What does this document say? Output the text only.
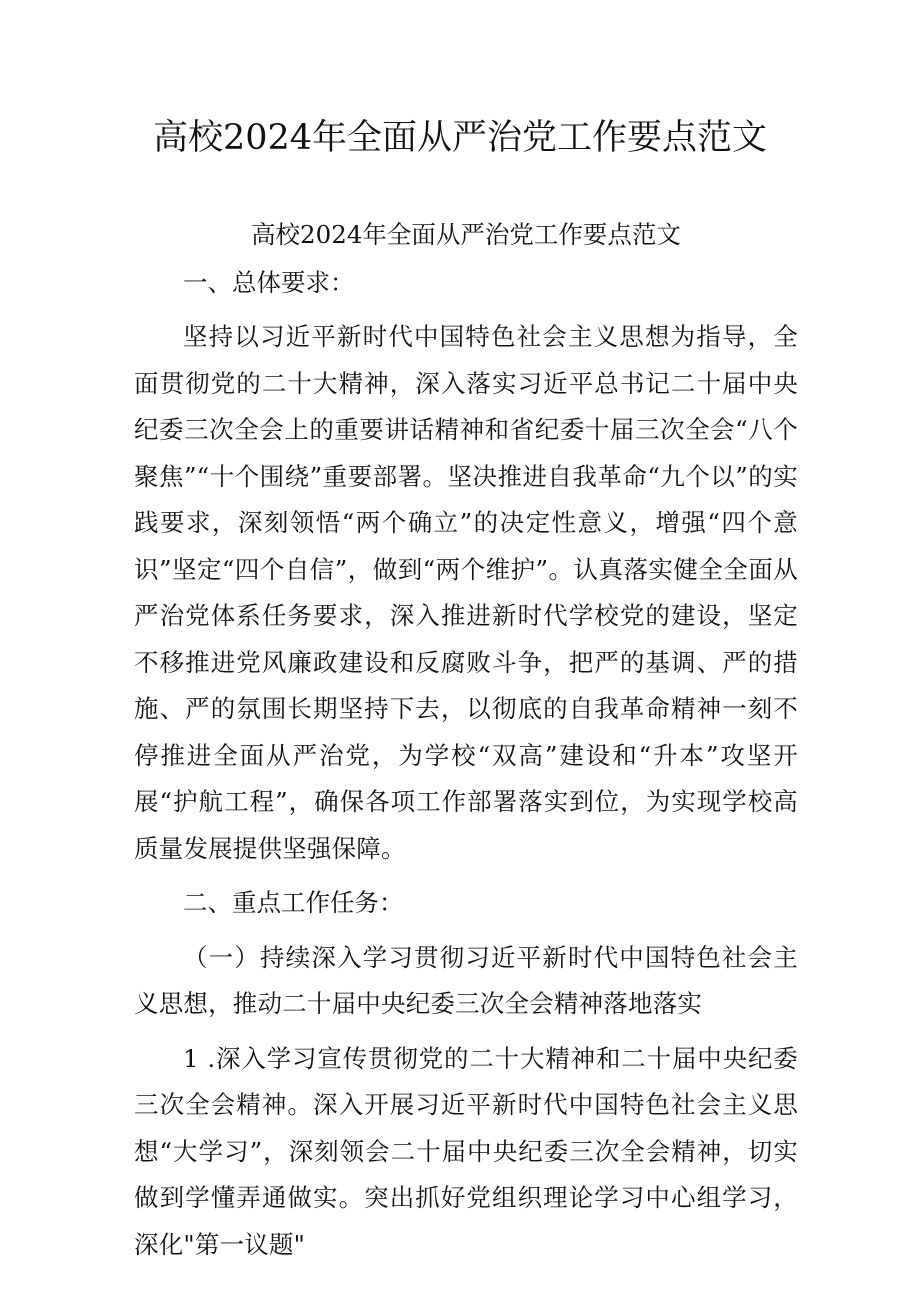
高校2024年全面从严治党工作要点范文

高校2024年全面从严治党工作要点范文

一、总体要求：

坚持以习近平新时代中国特色社会主义思想为指导，全面贯彻党的二十大精神，深入落实习近平总书记二十届中央纪委三次全会上的重要讲话精神和省纪委十届三次全会“八个聚焦”“十个围绕”重要部署。坚决推进自我革命“九个以”的实践要求，深刻领悟“两个确立”的决定性意义，增强“四个意识”坚定“四个自信”，做到“两个维护”。认真落实健全全面从严治党体系任务要求，深入推进新时代学校党的建设，坚定不移推进党风廉政建设和反腐败斗争，把严的基调、严的措施、严的氛围长期坚持下去，以彻底的自我革命精神一刻不停推进全面从严治党，为学校“双高”建设和“升本”攻坚开展“护航工程”，确保各项工作部署落实到位，为实现学校高质量发展提供坚强保障。

二、重点工作任务：

（一）持续深入学习贯彻习近平新时代中国特色社会主义思想，推动二十届中央纪委三次全会精神落地落实

1 .深入学习宣传贯彻党的二十大精神和二十届中央纪委三次全会精神。深入开展习近平新时代中国特色社会主义思想“大学习”，深刻领会二十届中央纪委三次全会精神，切实做到学懂弄通做实。突出抓好党组织理论学习中心组学习，深化"第一议题"
